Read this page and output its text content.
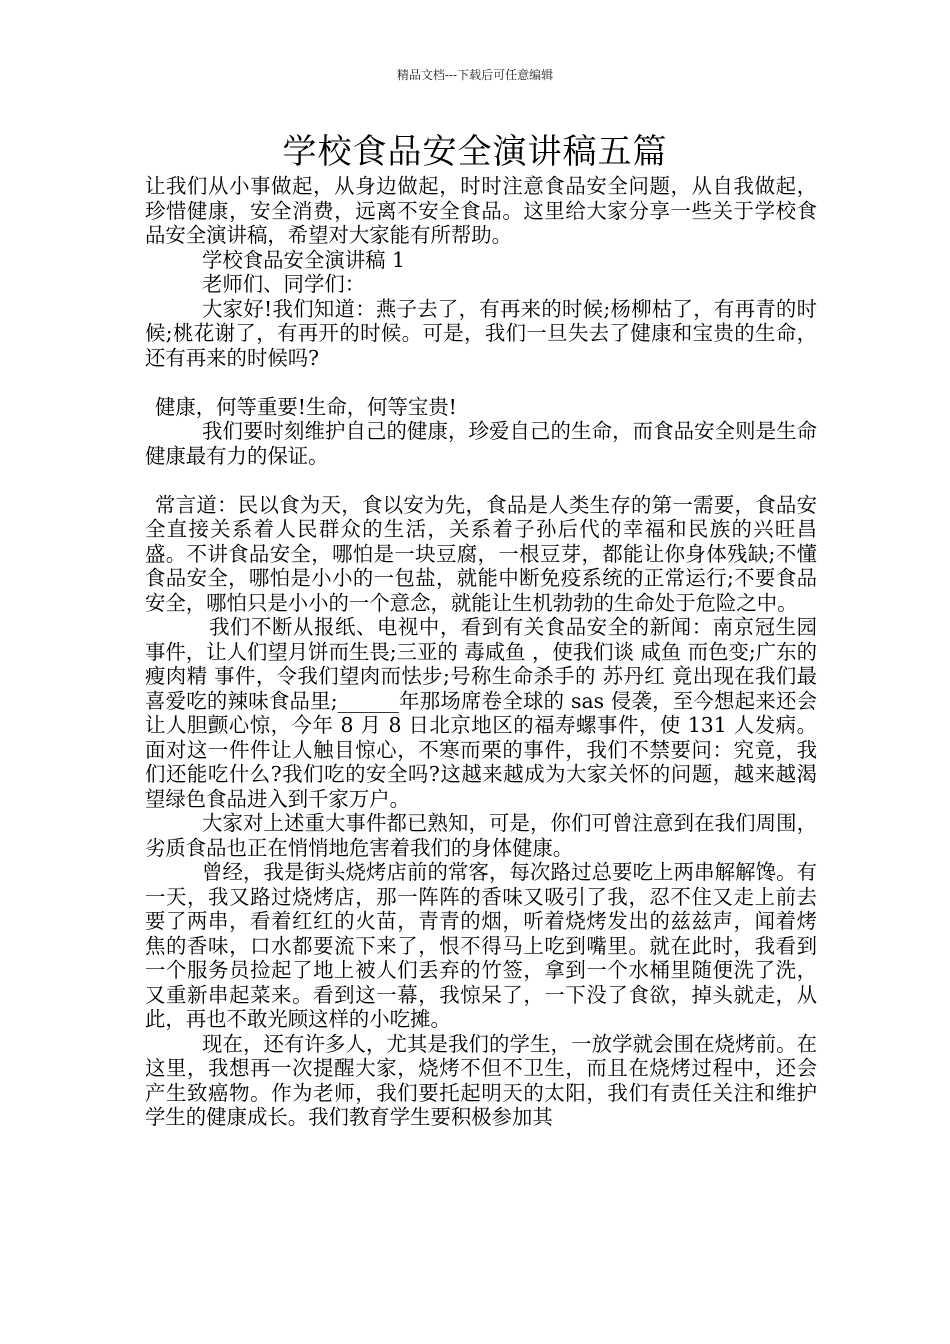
精品文档---下载后可任意编辑
学校食品安全演讲稿五篇

让我们从小事做起，从身边做起，时时注意食品安全问题，从自我做起，珍惜健康，安全消费，远离不安全食品。这里给大家分享一些关于学校食品安全演讲稿，希望对大家能有所帮助。

学校食品安全演讲稿 1

老师们、同学们：

大家好!我们知道：燕子去了，有再来的时候;杨柳枯了，有再青的时候;桃花谢了，有再开的时候。可是，我们一旦失去了健康和宝贵的生命，还有再来的时候吗?

健康，何等重要!生命，何等宝贵!

我们要时刻维护自己的健康，珍爱自己的生命，而食品安全则是生命健康最有力的保证。

常言道：民以食为天，食以安为先，食品是人类生存的第一需要，食品安全直接关系着人民群众的生活，关系着子孙后代的幸福和民族的兴旺昌盛。不讲食品安全，哪怕是一块豆腐，一根豆芽，都能让你身体残缺;不懂食品安全，哪怕是小小的一包盐，就能中断免疫系统的正常运行;不要食品安全，哪怕只是小小的一个意念，就能让生机勃勃的生命处于危险之中。

我们不断从报纸、电视中，看到有关食品安全的新闻：南京冠生园 事件，让人们望月饼而生畏;三亚的 毒咸鱼 ，使我们谈 咸鱼 而色变;广东的 瘦肉精 事件，令我们望肉而怯步;号称生命杀手的 苏丹红 竟出现在我们最喜爱吃的辣味食品里;______年那场席卷全球的 sas 侵袭，至今想起来还会让人胆颤心惊，今年 8 月 8 日北京地区的福寿螺事件，使 131 人发病。面对这一件件让人触目惊心，不寒而栗的事件，我们不禁要问：究竟，我们还能吃什么?我们吃的安全吗?这越来越成为大家关怀的问题，越来越渴望绿色食品进入到千家万户。

大家对上述重大事件都已熟知，可是，你们可曾注意到在我们周围，劣质食品也正在悄悄地危害着我们的身体健康。

曾经，我是街头烧烤店前的常客，每次路过总要吃上两串解解馋。有一天，我又路过烧烤店，那一阵阵的香味又吸引了我，忍不住又走上前去要了两串，看着红红的火苗，青青的烟，听着烧烤发出的兹兹声，闻着烤焦的香味，口水都要流下来了，恨不得马上吃到嘴里。就在此时，我看到一个服务员捡起了地上被人们丢弃的竹签，拿到一个水桶里随便洗了洗，又重新串起菜来。看到这一幕，我惊呆了，一下没了食欲，掉头就走，从此，再也不敢光顾这样的小吃摊。

现在，还有许多人，尤其是我们的学生，一放学就会围在烧烤前。在这里，我想再一次提醒大家，烧烤不但不卫生，而且在烧烤过程中，还会产生致癌物。作为老师，我们要托起明天的太阳，我们有责任关注和维护学生的健康成长。我们教育学生要积极参加其
